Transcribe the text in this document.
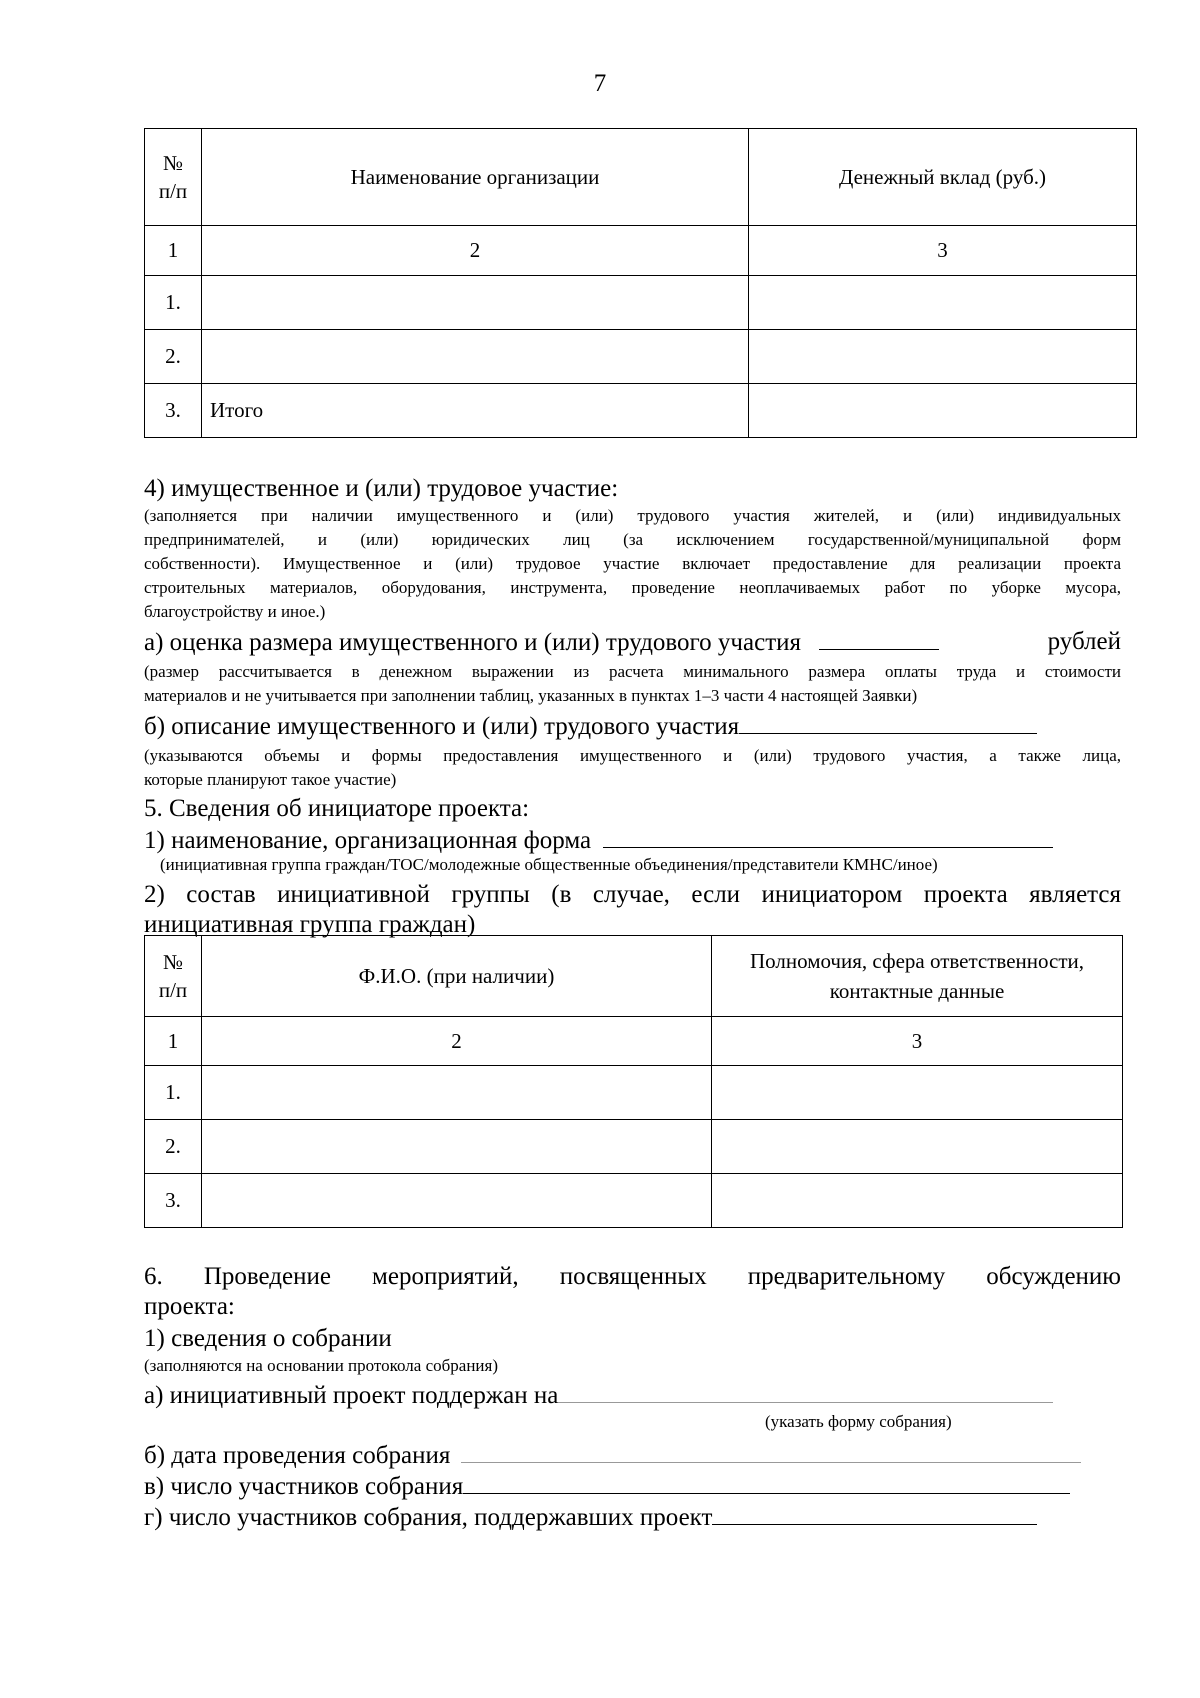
7
№ п/п	Наименование организации	Денежный вклад (руб.)
1	2	3
1.		
2.		
3.	Итого	
4) имущественное и (или) трудовое участие:
(заполняется при наличии имущественного и (или) трудового участия жителей, и (или) индивидуальных
предпринимателей, и (или) юридических лиц (за исключением государственной/муниципальной форм
собственности). Имущественное и (или) трудовое участие включает предоставление для реализации проекта
строительных материалов, оборудования, инструмента, проведение неоплачиваемых работ по уборке мусора,
благоустройству и иное.)
а) оценка размера имущественного и (или) трудового участия	рублей
(размер рассчитывается в денежном выражении из расчета минимального размера оплаты труда и стоимости
материалов и не учитывается при заполнении таблиц, указанных в пунктах 1–3 части 4 настоящей Заявки)
б) описание имущественного и (или) трудового участия
(указываются объемы и формы предоставления имущественного и (или) трудового участия, а также лица,
которые планируют такое участие)
5. Сведения об инициаторе проекта:
1) наименование, организационная форма
(инициативная группа граждан/ТОС/молодежные общественные объединения/представители КМНС/иное)
2) состав инициативной группы (в случае, если инициатором проекта является
инициативная группа граждан)
№ п/п	Ф.И.О. (при наличии)	Полномочия, сфера ответственности, контактные данные

1	2	3
1.		
2.		
3.		
6. Проведение мероприятий, посвященных предварительному обсуждению
проекта:
1) сведения о собрании
(заполняются на основании протокола собрания)
а) инициативный проект поддержан на
(указать форму собрания)
б) дата проведения собрания
в) число участников собрания
г) число участников собрания, поддержавших проект
